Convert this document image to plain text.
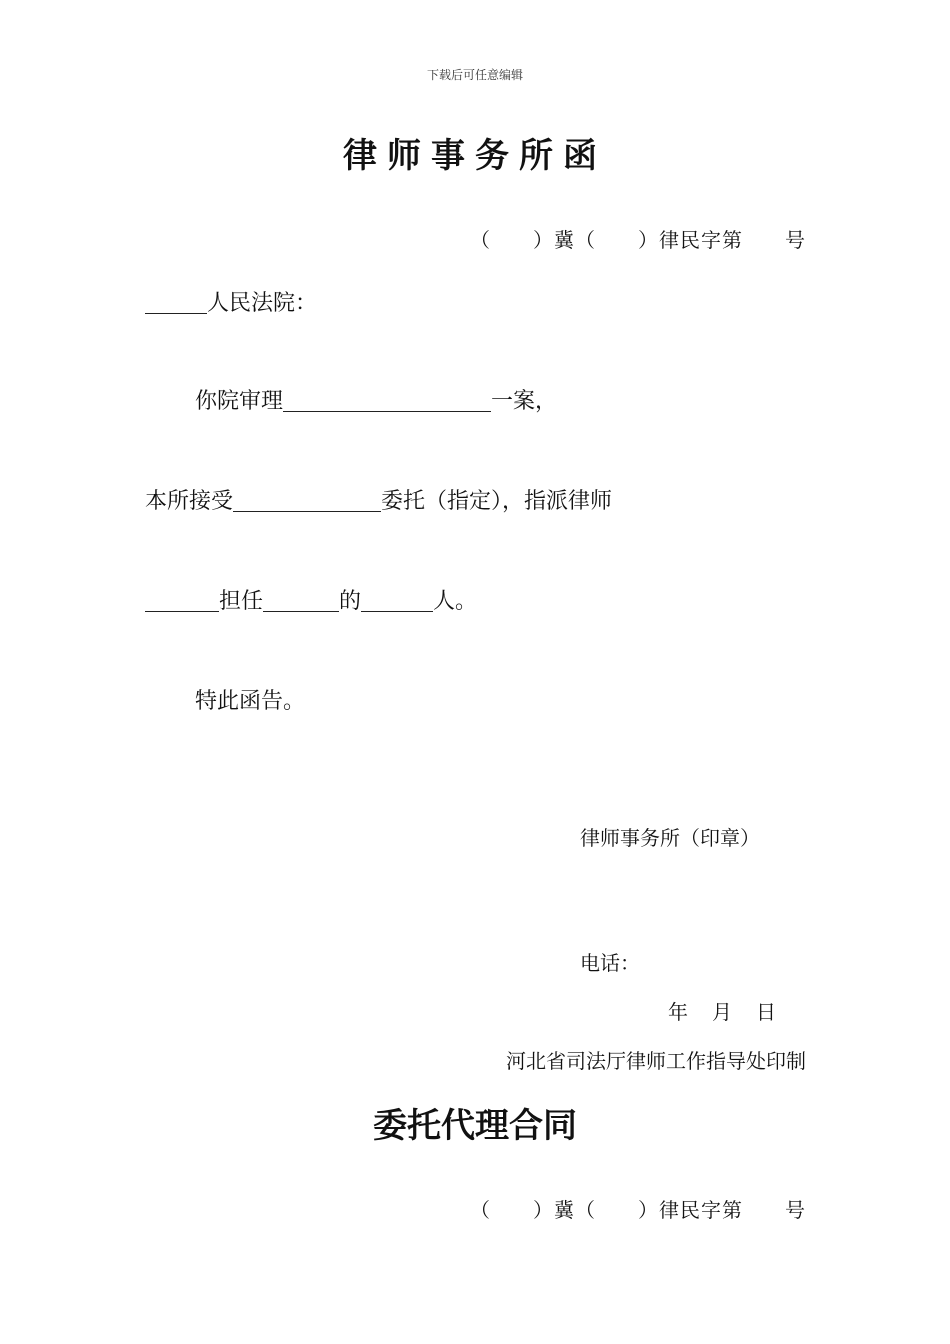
下载后可任意编辑
律师事务所函
（　　）冀（　　）律民字第　　号
人民法院：
你院审理	一案，
本所接受	委托（指定），指派律师
担任	的	人。
特此函告。
律师事务所（印章）
电话：
年　月　日
河北省司法厅律师工作指导处印制
委托代理合同
（　　）冀（　　）律民字第　　号
